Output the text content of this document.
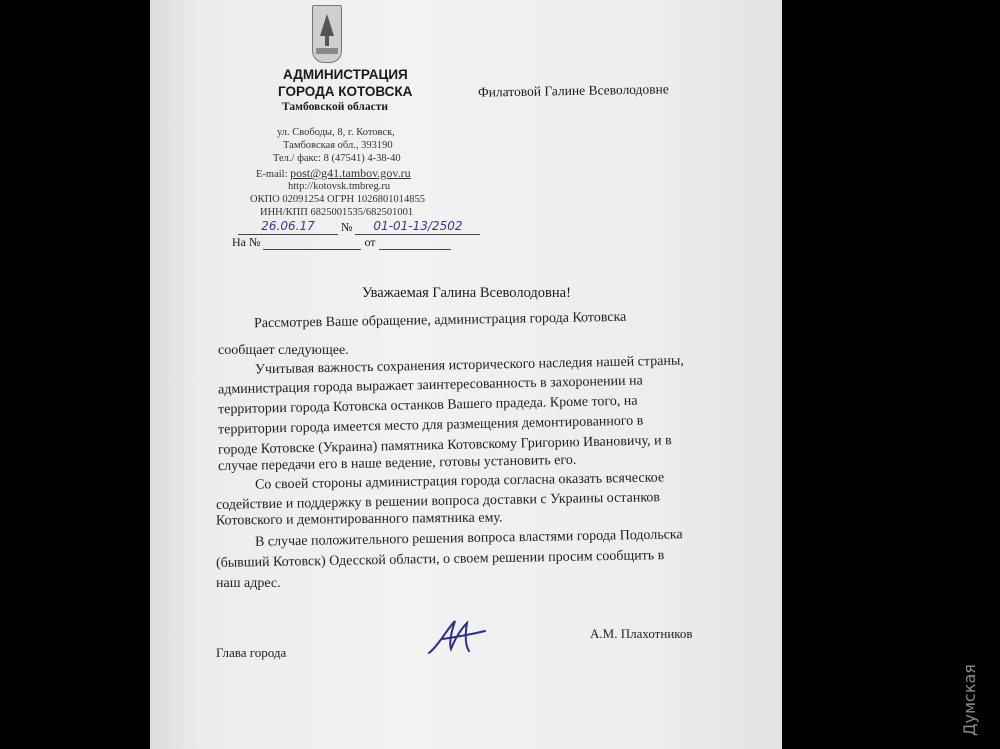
АДМИНИСТРАЦИЯ
ГОРОДА КОТОВСКА
Тамбовской области
ул. Свободы, 8, г. Котовск,
Тамбовская обл., 393190
Тел./ факс: 8 (47541) 4-38-40
E-mail: post@g41.tambov.gov.ru
http://kotovsk.tmbreg.ru
ОКПО 02091254 ОГРН 1026801014855
ИНН/КПП 6825001535/682501001
26.06.17 № 01-01-13/2502
На №	от
Филатовой Галине Всеволодовне
Уважаемая Галина Всеволодовна!
Рассмотрев Ваше обращение, администрация города Котовска
сообщает следующее.
Учитывая важность сохранения исторического наследия нашей страны,
администрация города выражает заинтересованность в захоронении на
территории города Котовска останков Вашего прадеда. Кроме того, на
территории города имеется место для размещения демонтированного в
городе Котовске (Украина) памятника Котовскому Григорию Ивановичу, и в
случае передачи его в наше ведение, готовы установить его.
Со своей стороны администрация города согласна оказать всяческое
содействие и поддержку в решении вопроса доставки с Украины останков
Котовского и демонтированного памятника ему.
В случае положительного решения вопроса властями города Подольска
(бывший Котовск) Одесской области, о своем решении просим сообщить в
наш адрес.
Глава города
А.М. Плахотников
Думская
